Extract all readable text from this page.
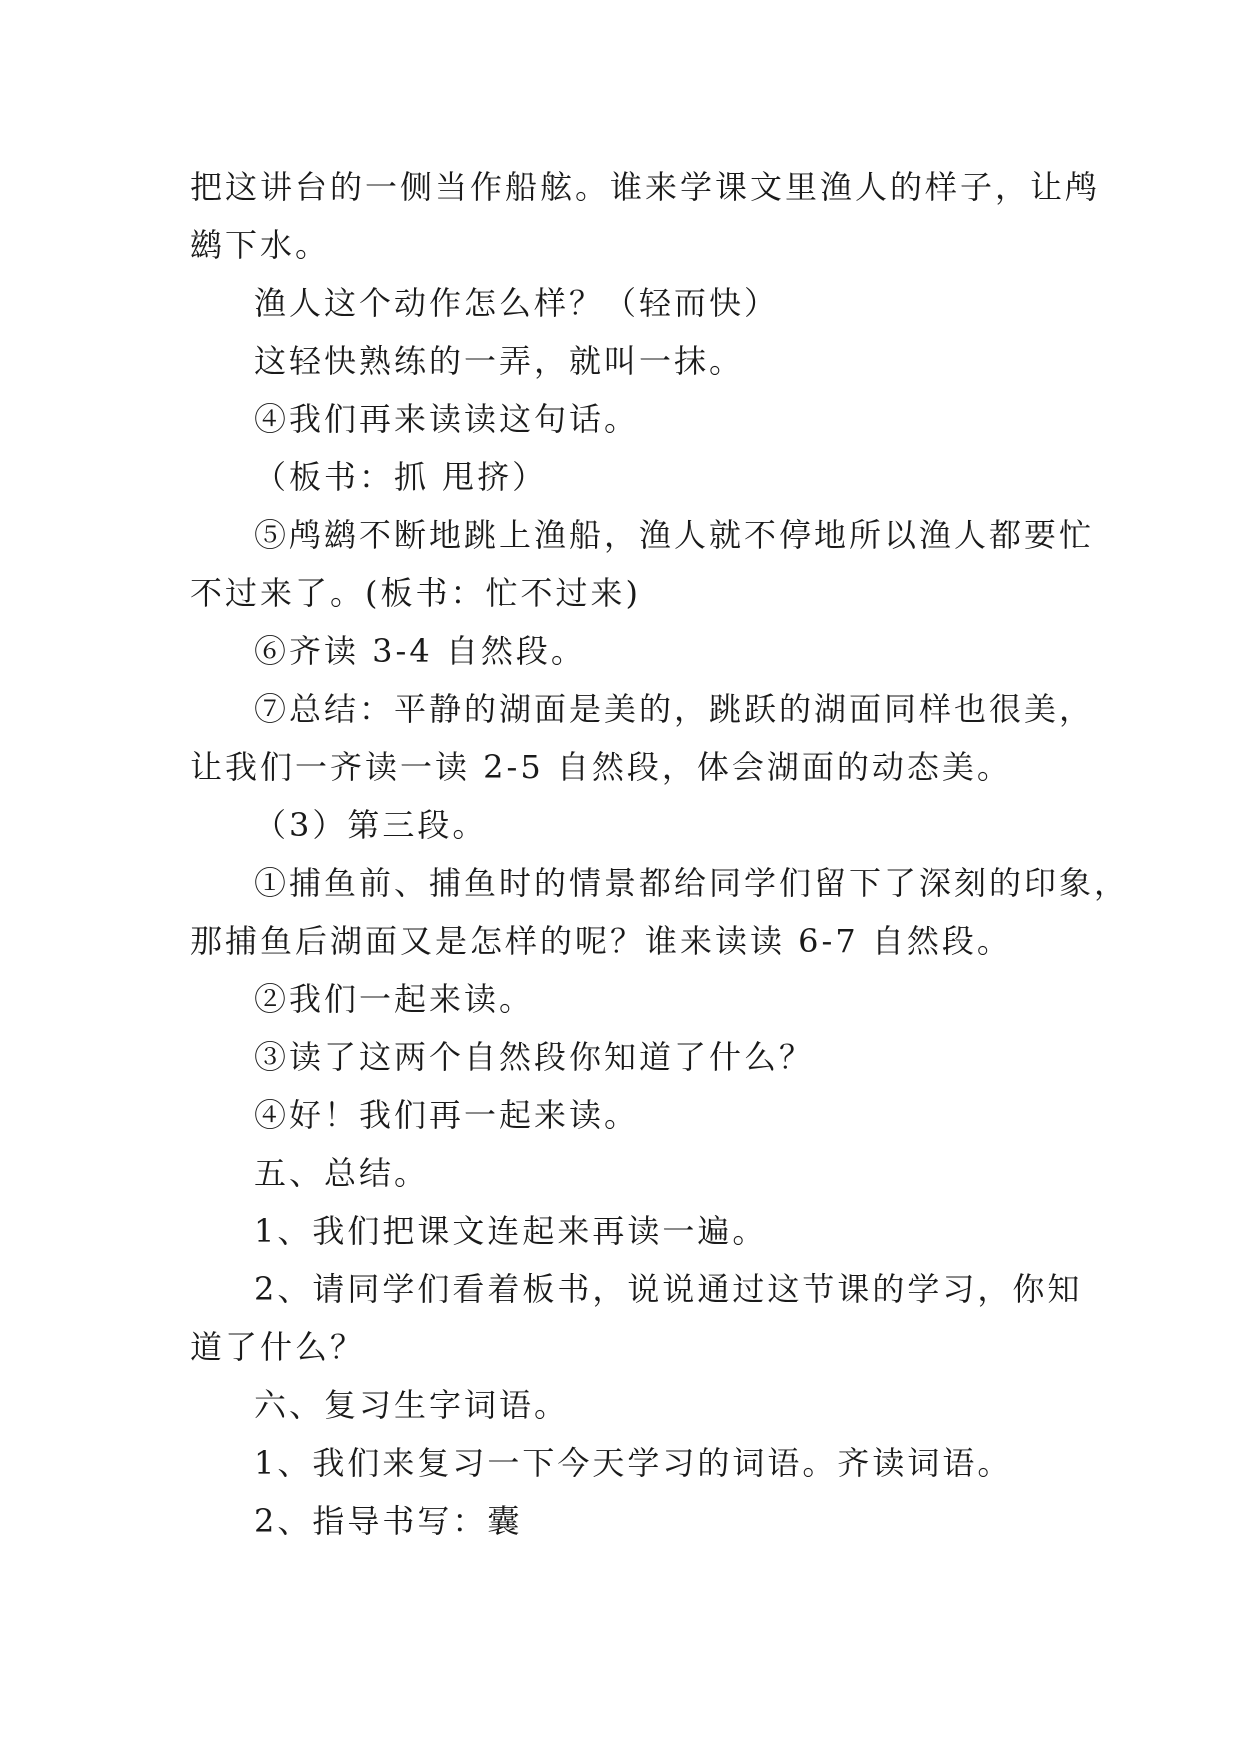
把这讲台的一侧当作船舷。谁来学课文里渔人的样子，让鸬

鹚下水。

渔人这个动作怎么样？（轻而快）

这轻快熟练的一弄，就叫一抹。

④我们再来读读这句话。

（板书：抓 甩挤）

⑤鸬鹚不断地跳上渔船，渔人就不停地所以渔人都要忙

不过来了。(板书：忙不过来)

⑥齐读 3-4 自然段。

⑦总结：平静的湖面是美的，跳跃的湖面同样也很美，

让我们一齐读一读 2-5 自然段，体会湖面的动态美。

（3）第三段。

①捕鱼前、捕鱼时的情景都给同学们留下了深刻的印象，

那捕鱼后湖面又是怎样的呢？谁来读读 6-7 自然段。

②我们一起来读。

③读了这两个自然段你知道了什么？

④好！我们再一起来读。

五、总结。

1、我们把课文连起来再读一遍。

2、请同学们看着板书，说说通过这节课的学习，你知

道了什么？

六、复习生字词语。

1、我们来复习一下今天学习的词语。齐读词语。

2、指导书写：囊
